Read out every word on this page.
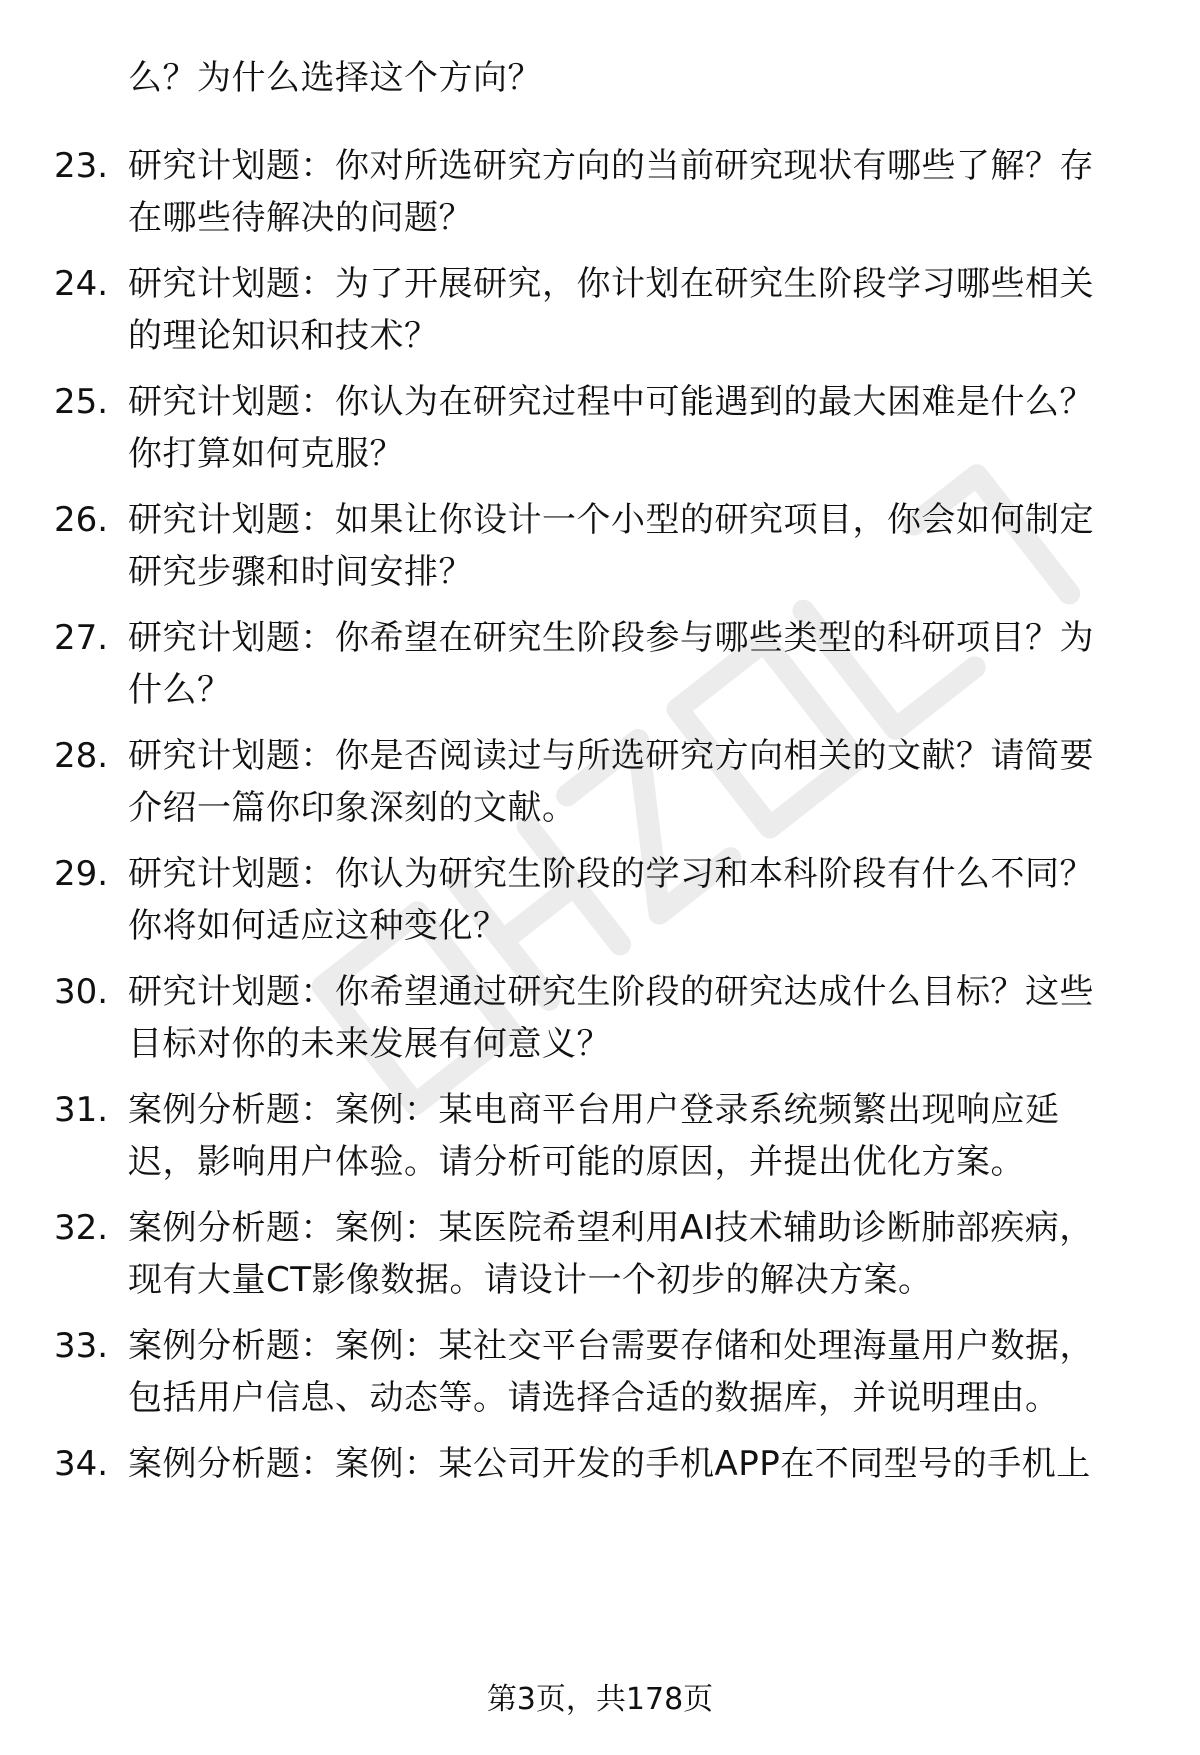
么？为什么选择这个方向？
23. 研究计划题：你对所选研究方向的当前研究现状有哪些了解？存
在哪些待解决的问题？
24. 研究计划题：为了开展研究，你计划在研究生阶段学习哪些相关
的理论知识和技术？
25. 研究计划题：你认为在研究过程中可能遇到的最大困难是什么？
你打算如何克服？
26. 研究计划题：如果让你设计一个小型的研究项目，你会如何制定
研究步骤和时间安排？
27. 研究计划题：你希望在研究生阶段参与哪些类型的科研项目？为
什么？
28. 研究计划题：你是否阅读过与所选研究方向相关的文献？请简要
介绍一篇你印象深刻的文献。
29. 研究计划题：你认为研究生阶段的学习和本科阶段有什么不同？
你将如何适应这种变化？
30. 研究计划题：你希望通过研究生阶段的研究达成什么目标？这些
目标对你的未来发展有何意义？
31. 案例分析题：案例：某电商平台用户登录系统频繁出现响应延
迟，影响用户体验。请分析可能的原因，并提出优化方案。
32. 案例分析题：案例：某医院希望利用AI技术辅助诊断肺部疾病，
现有大量CT影像数据。请设计一个初步的解决方案。
33. 案例分析题：案例：某社交平台需要存储和处理海量用户数据，
包括用户信息、动态等。请选择合适的数据库，并说明理由。
34. 案例分析题：案例：某公司开发的手机APP在不同型号的手机上
第3页，共178页
